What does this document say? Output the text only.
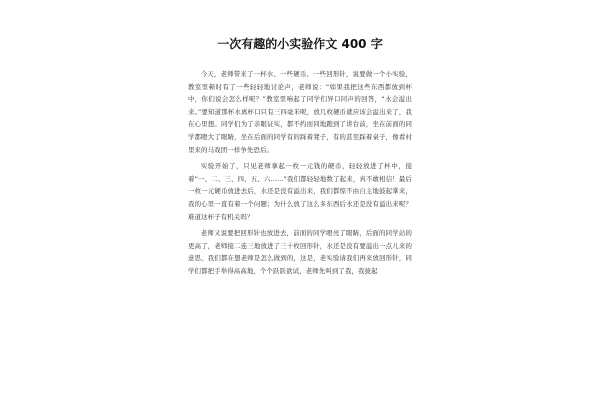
一次有趣的小实验作文 400 字

今天，老师带来了一杯水、一些硬币、一些回形针，说要做一个小实验，教室里顿时有了一些轻轻地讨论声，老师说：“如果我把这些东西都放到杯中，你们说会怎么样呢？”教室里响起了同学们异口同声的回答，“水会溢出来。”要知道那杯水离杯口只有三四毫米呢，放几枚硬币就应该会溢出来了，我在心里想。同学们为了亲眼证实，都不约而同地跑到了讲台前，坐在前面的同学都瞪大了眼睛，坐在后面的同学有的踩着凳子，有的甚至踩着桌子，像看村里来的马戏团一样争先恐后。

实验开始了，只见老师拿起一枚一元钱的硬币，轻轻放进了杯中，接着“一、二、三、四、五、六……”我们都轻轻地数了起来，真不敢相信！最后一枚一元硬币放进去后，水还是没有溢出来，我们都惊不由自主地鼓起掌来，我的心里一直有着一个问题；为什么放了这么多东西后水还是没有溢出来呢？难道这杯子有机关吗？

老师又说要把回形针也放进去，前面的同学瞪亮了眼睛，后面的同学站的更高了，老师接二连三地放进了三十枚回形针，水还是没有要溢出一点儿来的意思，我们都在想老师是怎么做到的，这是，老实验请我们再来放回形针，同学们都把手举得高高地，个个跃跃欲试，老师先叫到了我，我拢起
